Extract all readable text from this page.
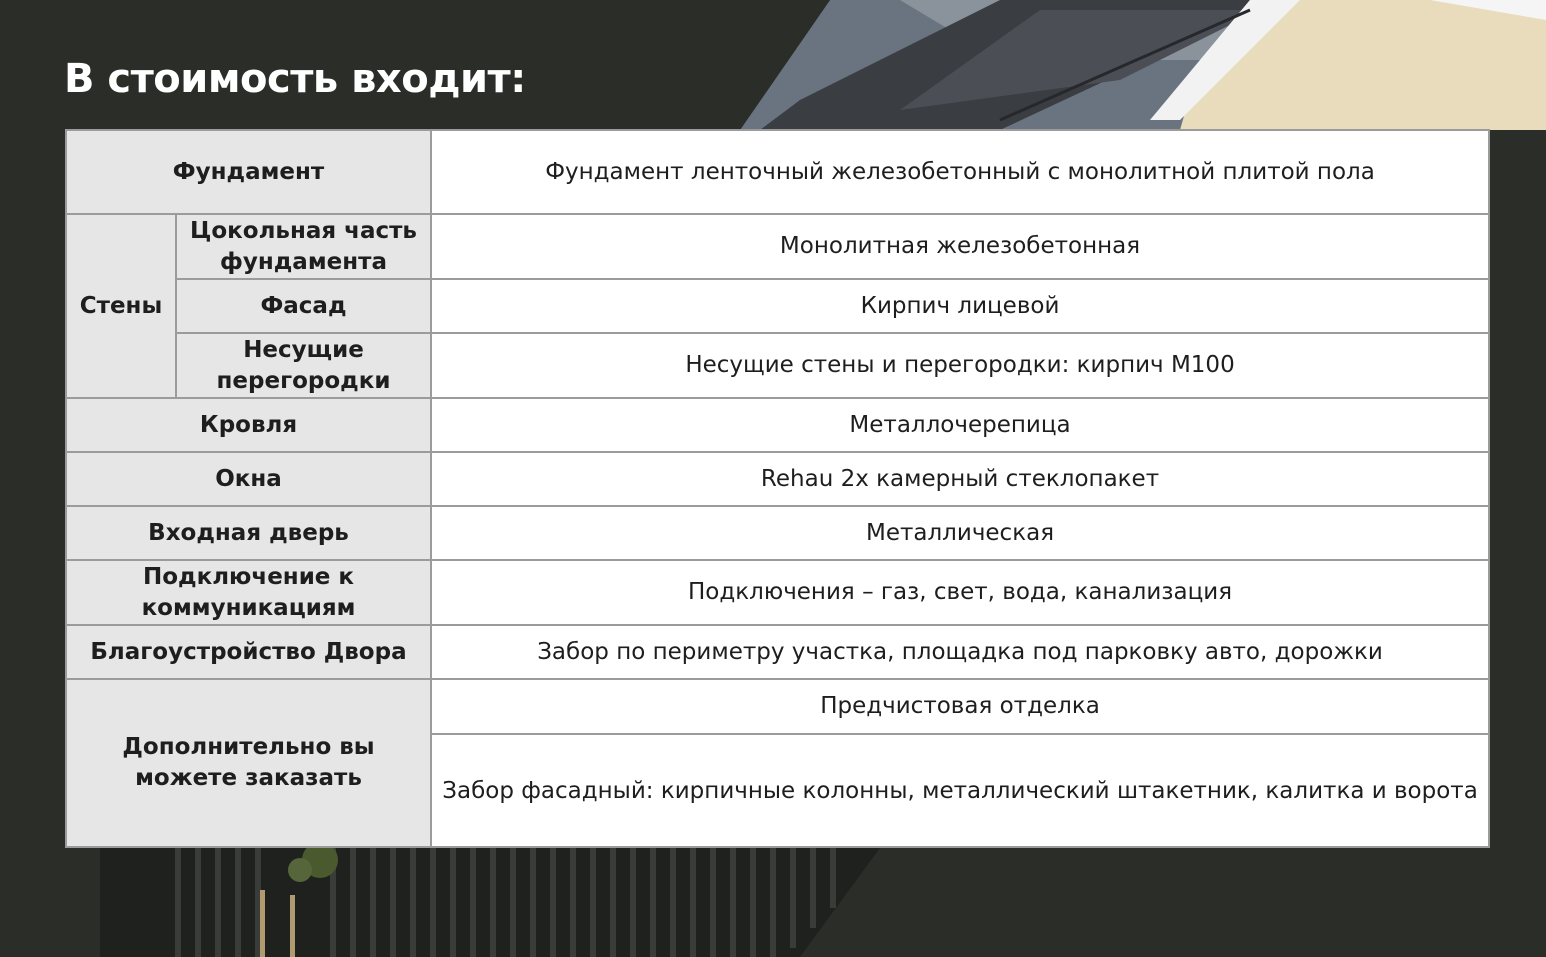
В стоимость входит:
Фундамент		Фундамент ленточный железобетонный с монолитной плитой пола
Стены	Цокольная часть фундамента	Монолитная железобетонная
	Фасад	Кирпич лицевой
	Несущие перегородки	Несущие стены и перегородки: кирпич М100
Кровля		Металлочерепица
Окна		Rehau 2x камерный стеклопакет
Входная дверь		Металлическая
Подключение к коммуникациям		Подключения – газ, свет, вода, канализация
Благоустройство Двора		Забор по периметру участка, площадка под парковку авто, дорожки
Дополнительно вы можете заказать		Предчистовая отделка
		Забор фасадный: кирпичные колонны, металлический штакетник, калитка и ворота
